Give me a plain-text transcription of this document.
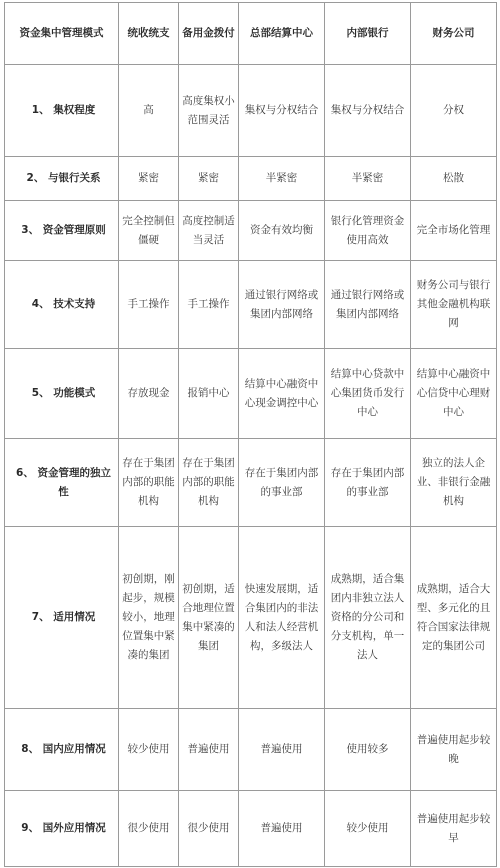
资金集中管理模式	统收统支	备用金拨付	总部结算中心	内部银行	财务公司
1、 集权程度	高	高度集权小范围灵活	集权与分权结合	集权与分权结合	分权
2、 与银行关系	紧密	紧密	半紧密	半紧密	松散
3、 资金管理原则	完全控制但僵硬	高度控制适当灵活	资金有效均衡	银行化管理资金使用高效	完全市场化管理
4、 技术支持	手工操作	手工操作	通过银行网络或集团内部网络	通过银行网络或集团内部网络	财务公司与银行其他金融机构联网
5、 功能模式	存放现金	报销中心	结算中心融资中心现金调控中心	结算中心贷款中心集团货币发行中心	结算中心融资中心信贷中心理财中心
6、 资金管理的独立性	存在于集团内部的职能机构	存在于集团内部的职能机构	存在于集团内部的事业部	存在于集团内部的事业部	独立的法人企业、非银行金融机构
7、 适用情况	初创期，刚起步，规模较小，地理位置集中紧凑的集团	初创期，适合地理位置集中紧凑的集团	快速发展期，适合集团内的非法人和法人经营机构，多级法人	成熟期，适合集团内非独立法人资格的分公司和分支机构，单一法人	成熟期，适合大型、多元化的且符合国家法律规定的集团公司
8、 国内应用情况	较少使用	普遍使用	普遍使用	使用较多	普遍使用起步较晚
9、 国外应用情况	很少使用	很少使用	普遍使用	较少使用	普遍使用起步较早
